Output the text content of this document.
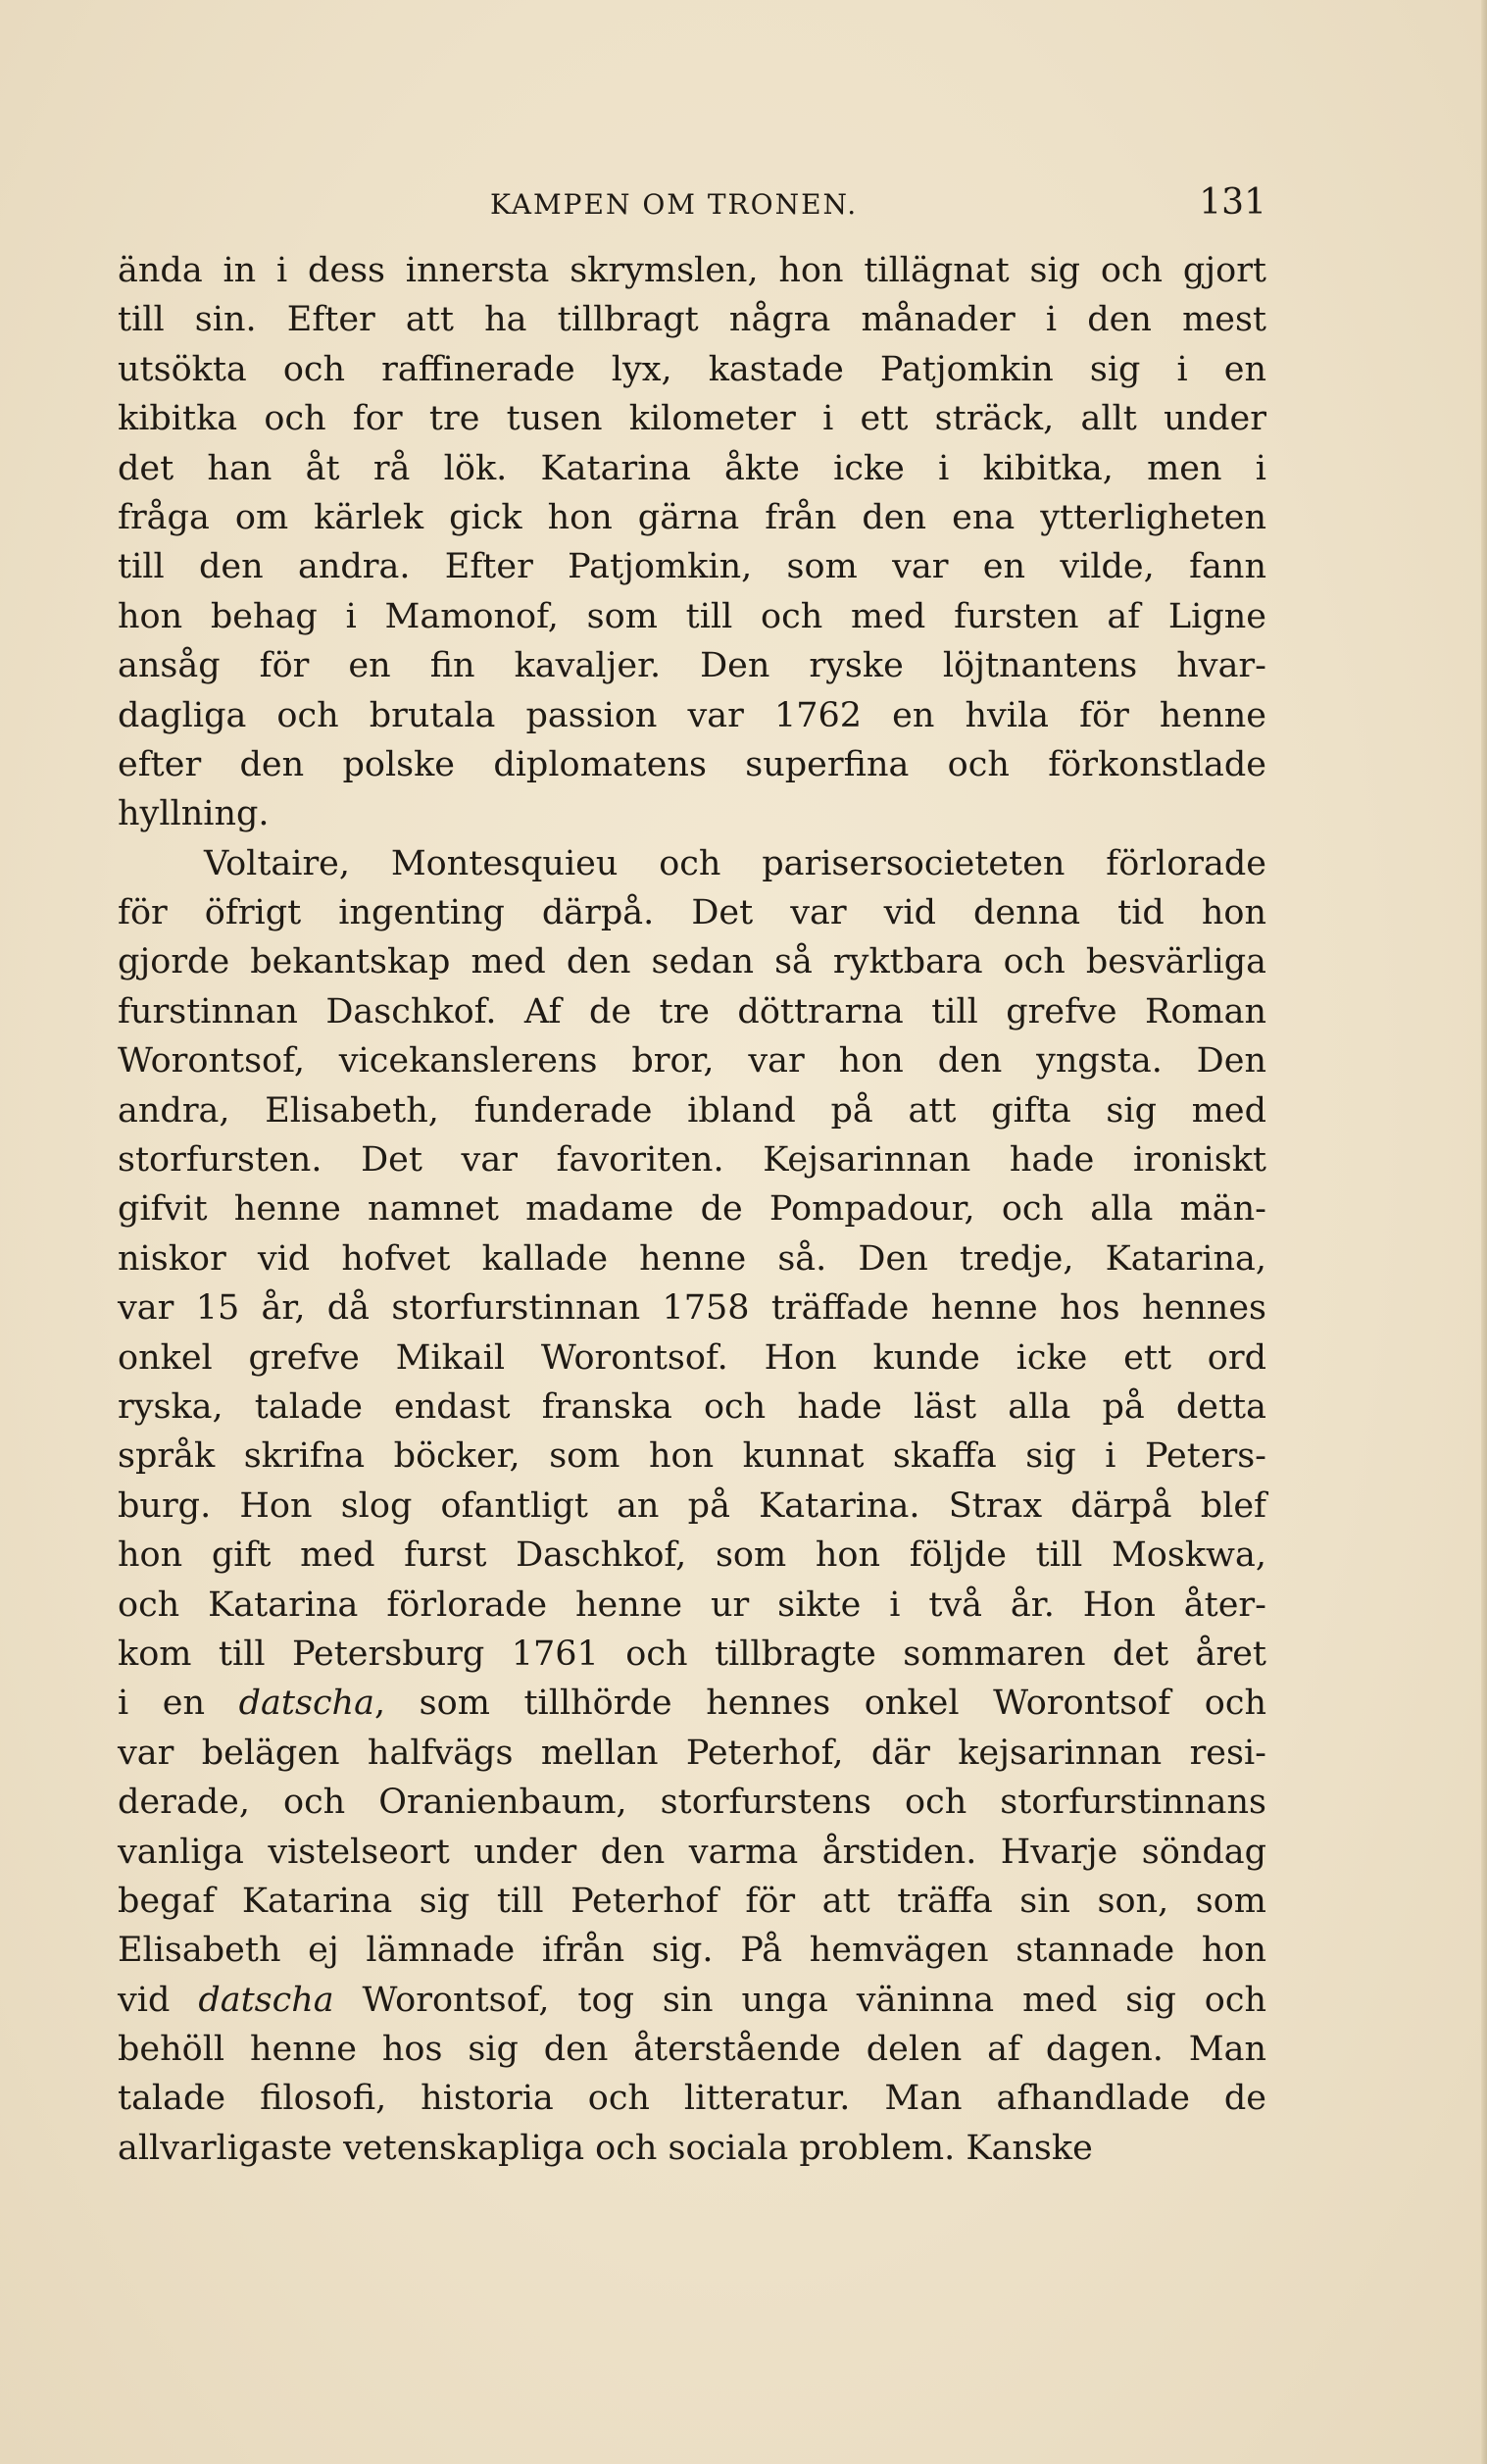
KAMPEN OM TRONEN.	131
ända in i dess innersta skrymslen, hon tillägnat sig och gjort
till sin. Efter att ha tillbragt några månader i den mest
utsökta och raffinerade lyx, kastade Patjomkin sig i en
kibitka och for tre tusen kilometer i ett sträck, allt under
det han åt rå lök. Katarina åkte icke i kibitka, men i
fråga om kärlek gick hon gärna från den ena ytterligheten
till den andra. Efter Patjomkin, som var en vilde, fann
hon behag i Mamonof, som till och med fursten af Ligne
ansåg för en fin kavaljer. Den ryske löjtnantens hvar-
dagliga och brutala passion var 1762 en hvila för henne
efter den polske diplomatens superfina och förkonstlade
hyllning.
Voltaire, Montesquieu och parisersocieteten förlorade
för öfrigt ingenting därpå. Det var vid denna tid hon
gjorde bekantskap med den sedan så ryktbara och besvärliga
furstinnan Daschkof. Af de tre döttrarna till grefve Roman
Worontsof, vicekanslerens bror, var hon den yngsta. Den
andra, Elisabeth, funderade ibland på att gifta sig med
storfursten. Det var favoriten. Kejsarinnan hade ironiskt
gifvit henne namnet madame de Pompadour, och alla män-
niskor vid hofvet kallade henne så. Den tredje, Katarina,
var 15 år, då storfurstinnan 1758 träffade henne hos hennes
onkel grefve Mikail Worontsof. Hon kunde icke ett ord
ryska, talade endast franska och hade läst alla på detta
språk skrifna böcker, som hon kunnat skaffa sig i Peters-
burg. Hon slog ofantligt an på Katarina. Strax därpå blef
hon gift med furst Daschkof, som hon följde till Moskwa,
och Katarina förlorade henne ur sikte i två år. Hon åter-
kom till Petersburg 1761 och tillbragte sommaren det året
i en datscha, som tillhörde hennes onkel Worontsof och
var belägen halfvägs mellan Peterhof, där kejsarinnan resi-
derade, och Oranienbaum, storfurstens och storfurstinnans
vanliga vistelseort under den varma årstiden. Hvarje söndag
begaf Katarina sig till Peterhof för att träffa sin son, som
Elisabeth ej lämnade ifrån sig. På hemvägen stannade hon
vid datscha Worontsof, tog sin unga väninna med sig och
behöll henne hos sig den återstående delen af dagen. Man
talade filosofi, historia och litteratur. Man afhandlade de
allvarligaste vetenskapliga och sociala problem. Kanske
